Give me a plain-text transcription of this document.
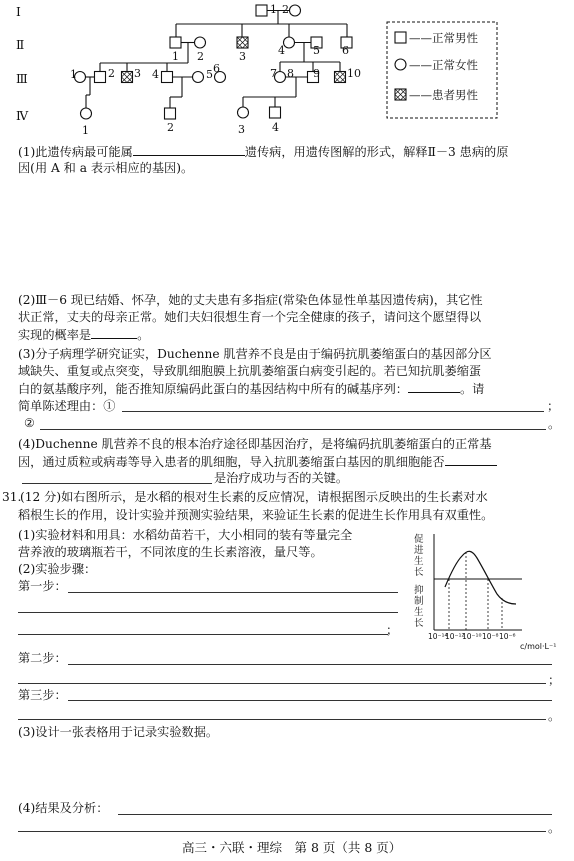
Ⅰ
Ⅱ
Ⅲ
Ⅳ
1 2
1 2	3	4	5 6
1	2 3 4	5 6	7 8 9 10
1	2	3 4
——正常男性
——正常女性
——患者男性
(1)此遗传病最可能属	遗传病，用遗传图解的形式，解释Ⅱ－3 患病的原
因(用 A 和 a 表示相应的基因)。
(2)Ⅲ－6 现已结婚、怀孕，她的丈夫患有多指症(常染色体显性单基因遗传病)，其它性
状正常，丈夫的母亲正常。她们夫妇很想生育一个完全健康的孩子，请问这个愿望得以
实现的概率是	。
(3)分子病理学研究证实，Duchenne 肌营养不良是由于编码抗肌萎缩蛋白的基因部分区
域缺失、重复或点突变，导致肌细胞膜上抗肌萎缩蛋白病变引起的。若已知抗肌萎缩蛋
白的氨基酸序列，能否推知原编码此蛋白的基因结构中所有的碱基序列：	。请
简单陈述理由：①	；
②	。
(4)Duchenne 肌营养不良的根本治疗途径即基因治疗，是将编码抗肌萎缩蛋白的正常基
因，通过质粒或病毒等导入患者的肌细胞，导入抗肌萎缩蛋白基因的肌细胞能否
是治疗成功与否的关键。
31.
(12 分)如右图所示，是水稻的根对生长素的反应情况，请根据图示反映出的生长素对水
稻根生长的作用，设计实验并预测实验结果，来验证生长素的促进生长作用具有双重性。
(1)实验材料和用具：水稻幼苗若干，大小相同的装有等量完全
营养液的玻璃瓶若干，不同浓度的生长素溶液，量尺等。
(2)实验步骤：
第一步：
；
第二步：
；
第三步：
。
(3)设计一张表格用于记录实验数据。
(4)结果及分析：
。
促进生长
抑制生长
10⁻¹⁴
10⁻¹²
10⁻¹⁰ 10⁻⁸ 10⁻⁶
c/mol·L⁻¹
高三・六联・理综　第 8 页（共 8 页）
